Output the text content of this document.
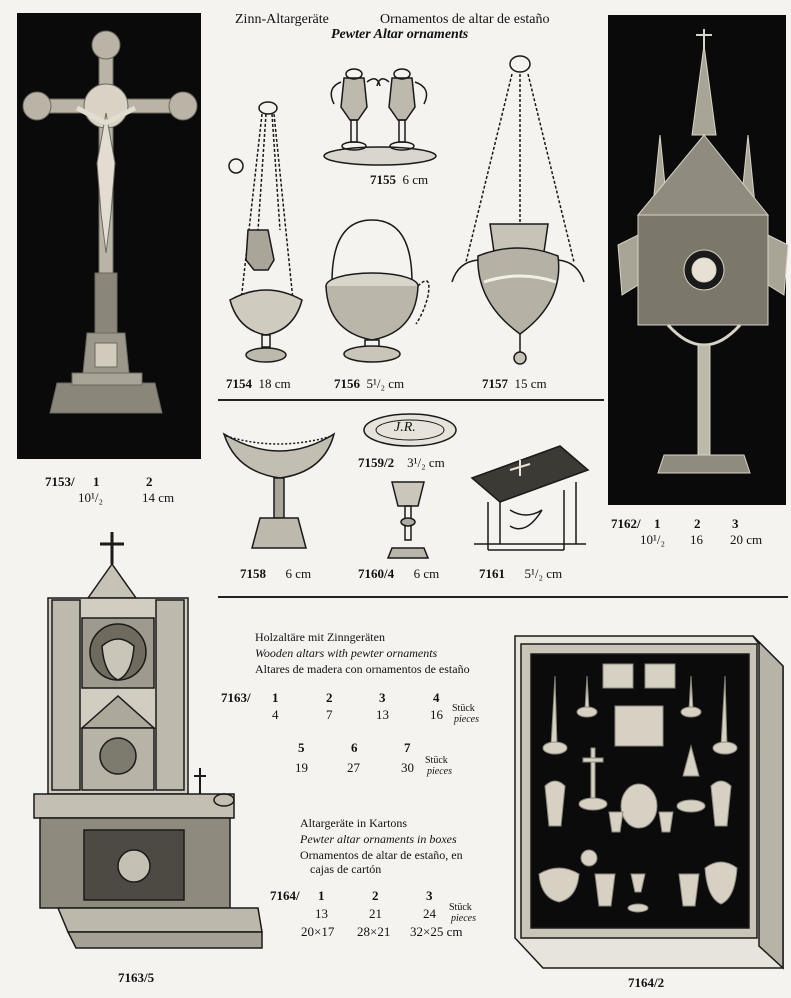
Zinn-Altargeräte	Ornamentos de altar de estaño
Pewter Altar ornaments
7153/ 1	2
10¹/₂	14 cm
7155 6 cm
7154 18 cm	7156 5¹/₂ cm	7157 15 cm
7162/ 1	2 3
10¹/₂ 16 20 cm
J.R.
7159/2 3¹/₂ cm
7158 6 cm	7160/4 6 cm	7161 5¹/₂ cm
7163/5
Holzaltäre mit Zinngeräten
Wooden altars with pewter ornaments
Altares de madera con ornamentos de estaño
7163/ 1	2	3	4
4	7	13	16 Stück
pieces
5	6	7
19	27	30 Stück
pieces
Altargeräte in Kartons
Pewter altar ornaments in boxes
Ornamentos de altar de estaño, en
cajas de cartón
7164/ 1	2	3
13	21	24 Stück
pieces
20×17 28×21 32×25 cm
7164/2
